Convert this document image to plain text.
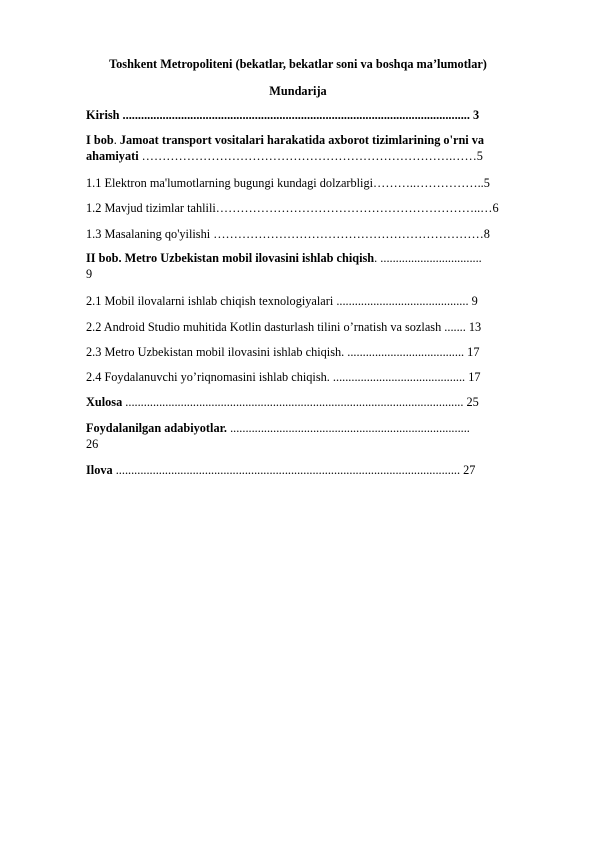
Toshkent Metropoliteni (bekatlar, bekatlar soni va boshqa ma’lumotlar)
Mundarija
Kirish ................................................................................................................. 3
I bob. Jamoat transport vositalari harakatida axborot tizimlarining o'rni va
ahamiyati ………………………………………………………………….……5
1.1 Elektron ma'lumotlarning bugungi kundagi dolzarbligi………..……………..5
1.2 Mavjud tizimlar tahlili………………………………………………………..…6
1.3 Masalaning qo'yilishi …………………………………………………………8
II bob. Metro Uzbekistan mobil ilovasini ishlab chiqish. .................................
9
2.1 Mobil ilovalarni ishlab chiqish texnologiyalari ........................................... 9
2.2 Android Studio muhitida Kotlin dasturlash tilini o’rnatish va sozlash ....... 13
2.3 Metro Uzbekistan mobil ilovasini ishlab chiqish. ...................................... 17
2.4 Foydalanuvchi yo’riqnomasini ishlab chiqish. ........................................... 17
Xulosa .............................................................................................................. 25
Foydalanilgan adabiyotlar. ..............................................................................
26
Ilova ................................................................................................................ 27
